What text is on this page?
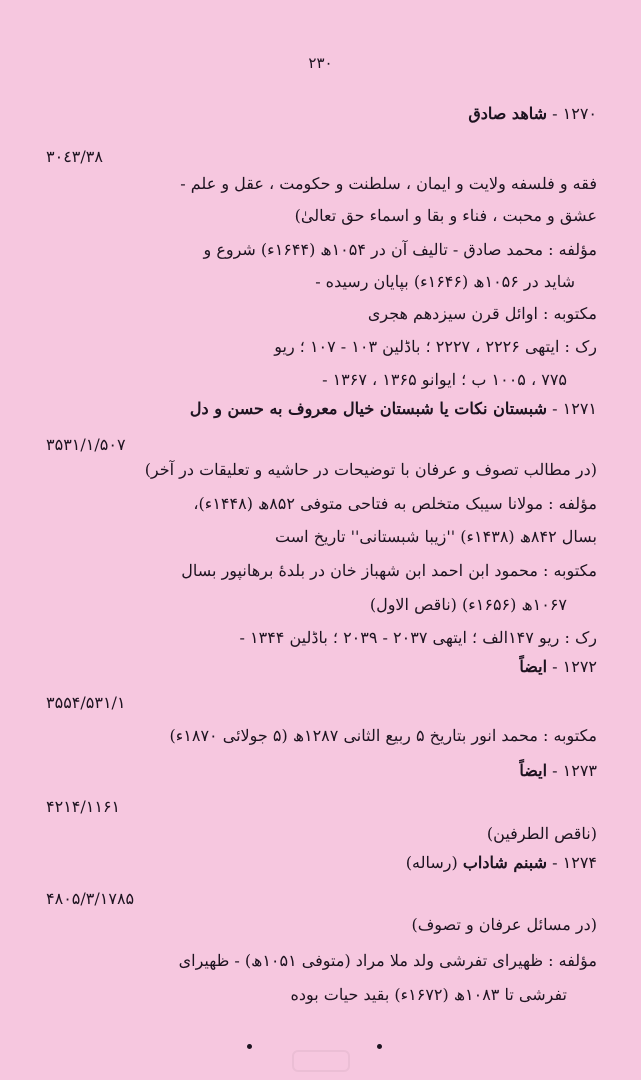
۲۳۰
۱۲۷۰ - شاهد صادق
٣٠٤٣/٣٨
فقه و فلسفه ولایت و ایمان ، سلطنت و حکومت ، عقل و علم -
عشق و محبت ، فناء و بقا و اسماء حق تعالیٰ)
مؤلفه : محمد صادق - تالیف آن در ۱۰۵۴ھ (۱۶۴۴ء) شروع و
شاید در ۱۰۵۶ھ (۱۶۴۶ء) بپایان رسیده -
مکتوبه : اوائل قرن سیزدهم هجری
رک : ایتهی ۲۲۲۶ ، ۲۲۲۷ ؛ باڈلین ۱۰۳ - ۱۰۷ ؛ ریو
۷۷۵ ، ۱۰۰۵ ب ؛ ایوانو ۱۳۶۵ ، ۱۳۶۷ -
۱۲۷۱ - شبستان نکات یا شبستان خیال معروف به حسن و دل
۳۵۳۱/۱/۵۰۷
(در مطالب تصوف و عرفان با توضیحات در حاشیه و تعلیقات در آخر)
مؤلفه : مولانا سیبک متخلص به فتاحی متوفی ۸۵۲ھ (۱۴۴۸ء)،
بسال ۸۴۲ھ (۱۴۳۸ء) ''زیبا شبستانی'' تاریخ است
مکتوبه : محمود ابن احمد ابن شهباز خان در بلدهٔ برهانپور بسال
۱۰۶۷ھ (۱۶۵۶ء) (ناقص الاول)
رک : ریو ۱۴۷الف ؛ ایتهی ۲۰۳۷ - ۲۰۳۹ ؛ باڈلین ۱۳۴۴ -
۱۲۷۲ - ایضاً
۳۵۵۴/۵۳۱/۱
مکتوبه : محمد انور بتاریخ ۵ ربیع الثانی ۱۲۸۷ھ (۵ جولائی ۱۸۷۰ء)
۱۲۷۳ - ایضاً
۴۲۱۴/۱۱۶۱
(ناقص الطرفین)
۱۲۷۴ - شبنم شاداب (رساله)
۴۸۰۵/۳/۱۷۸۵
(در مسائل عرفان و تصوف)
مؤلفه : ظهیرای تفرشی ولد ملا مراد (متوفی ۱۰۵۱ھ) - ظهیرای
تفرشی تا ۱۰۸۳ھ (۱۶۷۲ء) بقید حیات بوده
